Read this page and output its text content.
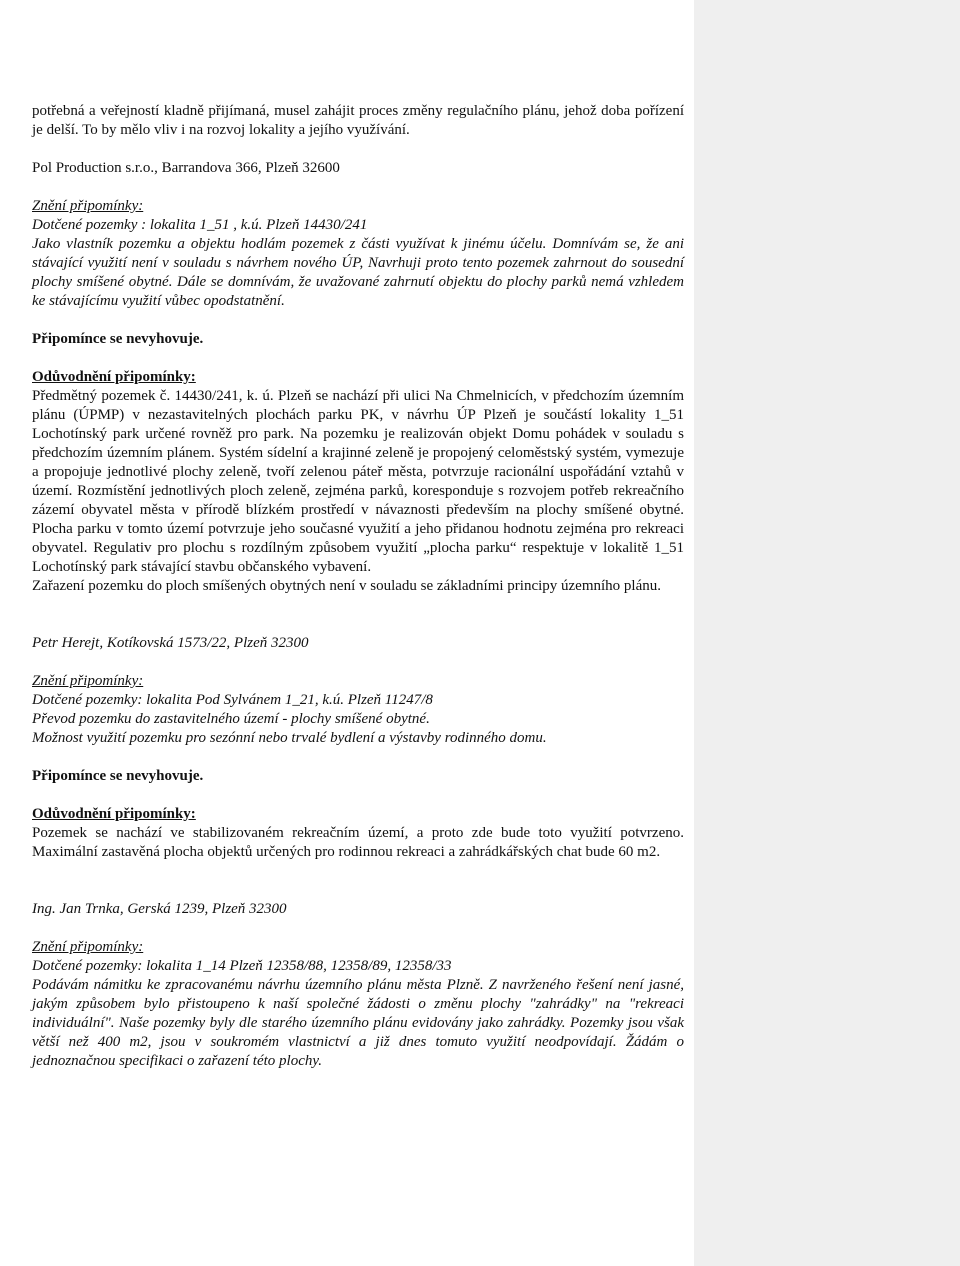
potřebná a veřejností kladně přijímaná, musel zahájit proces změny regulačního plánu, jehož doba pořízení je delší. To by mělo vliv i na rozvoj lokality a jejího využívání.

Pol Production s.r.o., Barrandova 366, Plzeň 32600

Znění připomínky:

Dotčené pozemky : lokalita 1_51 , k.ú. Plzeň 14430/241

Jako vlastník pozemku a objektu hodlám pozemek z části využívat k jinému účelu. Domnívám se, že ani stávající využití není v souladu s návrhem nového ÚP, Navrhuji proto tento pozemek zahrnout do sousední plochy smíšené obytné. Dále se domnívám, že uvažované zahrnutí objektu do plochy parků nemá vzhledem ke stávajícímu využití vůbec opodstatnění.

Připomínce se nevyhovuje.

Odůvodnění připomínky:

Předmětný pozemek č. 14430/241, k. ú. Plzeň se nachází při ulici Na Chmelnicích, v předchozím územním plánu (ÚPMP) v nezastavitelných plochách parku PK, v návrhu ÚP Plzeň je součástí lokality 1_51 Lochotínský park určené rovněž pro park. Na pozemku je realizován objekt Domu pohádek v souladu s předchozím územním plánem. Systém sídelní a krajinné zeleně je propojený celoměstský systém, vymezuje a propojuje jednotlivé plochy zeleně, tvoří zelenou páteř města, potvrzuje racionální uspořádání vztahů v území. Rozmístění jednotlivých ploch zeleně, zejména parků, koresponduje s rozvojem potřeb rekreačního zázemí obyvatel města v přírodě blízkém prostředí v návaznosti především na plochy smíšené obytné. Plocha parku v tomto území potvrzuje jeho současné využití a jeho přidanou hodnotu zejména pro rekreaci obyvatel. Regulativ pro plochu s rozdílným způsobem využití „plocha parku“ respektuje v lokalitě 1_51 Lochotínský park stávající stavbu občanského vybavení.

Zařazení pozemku do ploch smíšených obytných není v souladu se základními principy územního plánu.

Petr Herejt, Kotíkovská 1573/22, Plzeň 32300

Znění připomínky:

Dotčené pozemky: lokalita Pod Sylvánem 1_21, k.ú. Plzeň 11247/8

Převod pozemku do zastavitelného území - plochy smíšené obytné.

Možnost využití pozemku pro sezónní nebo trvalé bydlení a výstavby rodinného domu.

Připomínce se nevyhovuje.

Odůvodnění připomínky:

Pozemek se nachází ve stabilizovaném rekreačním území, a proto zde bude toto využití potvrzeno. Maximální zastavěná plocha objektů určených pro rodinnou rekreaci a zahrádkářských chat bude 60 m2.

Ing. Jan Trnka, Gerská 1239, Plzeň 32300

Znění připomínky:

Dotčené pozemky: lokalita 1_14 Plzeň 12358/88, 12358/89, 12358/33

Podávám námitku ke zpracovanému návrhu územního plánu města Plzně. Z navrženého řešení není jasné, jakým způsobem bylo přistoupeno k naší společné žádosti o změnu plochy "zahrádky" na "rekreaci individuální". Naše pozemky byly dle starého územního plánu evidovány jako zahrádky. Pozemky jsou však větší než 400 m2, jsou v soukromém vlastnictví a již dnes tomuto využití neodpovídají. Žádám o jednoznačnou specifikaci o zařazení této plochy.
